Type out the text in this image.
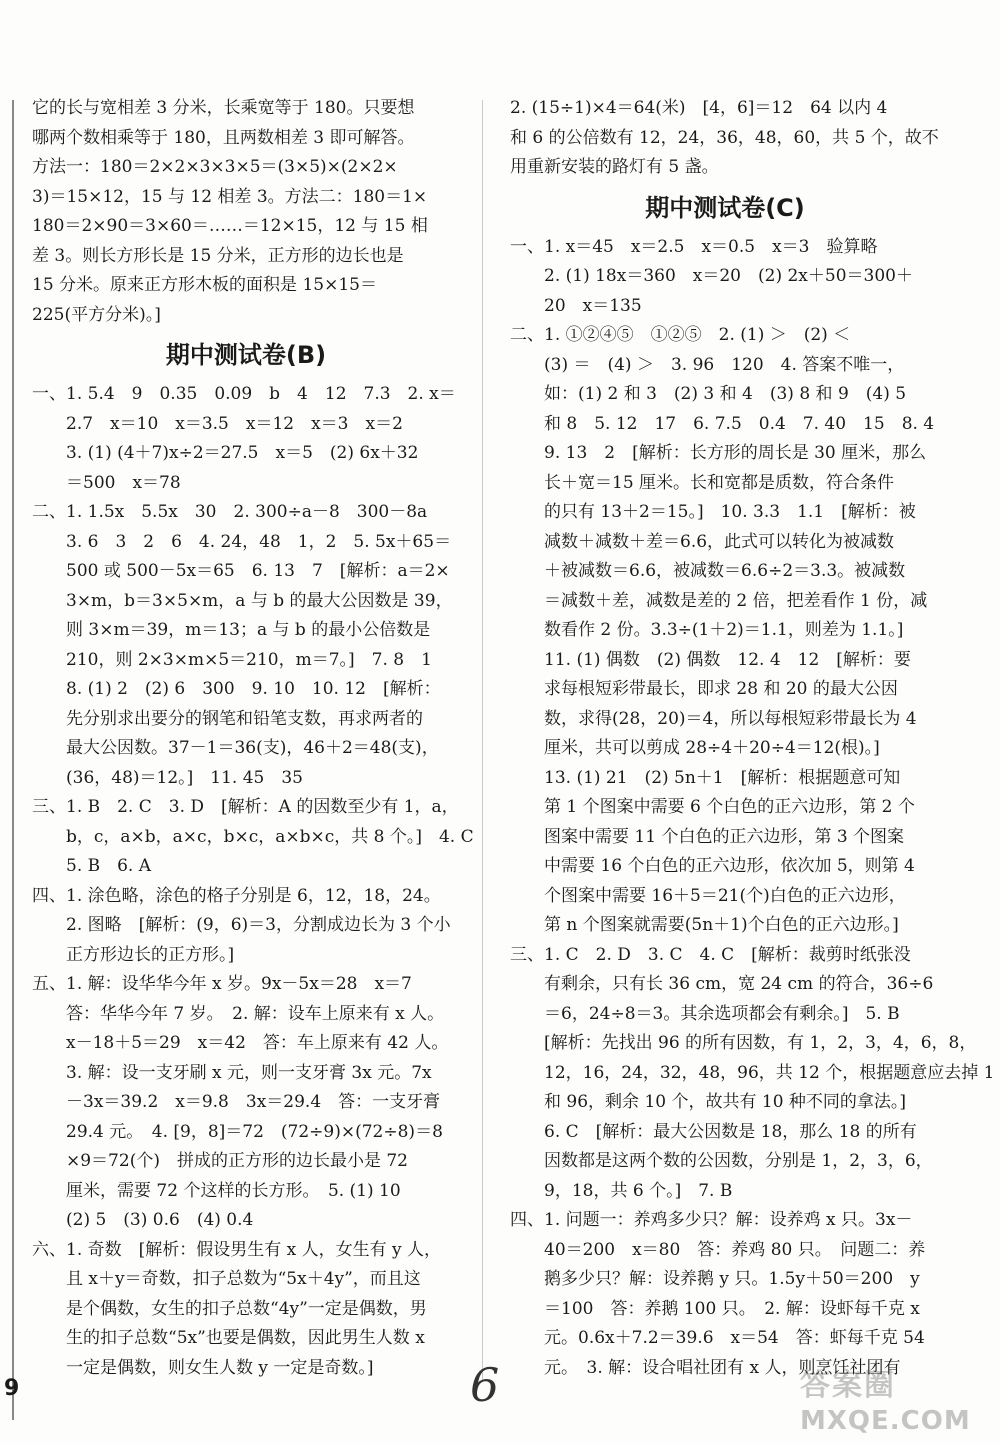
它的长与宽相差 3 分米，长乘宽等于 180。只要想
哪两个数相乘等于 180，且两数相差 3 即可解答。
方法一：180＝2×2×3×3×5＝(3×5)×(2×2×
3)＝15×12，15 与 12 相差 3。方法二：180＝1×
180＝2×90＝3×60＝……＝12×15，12 与 15 相
差 3。则长方形长是 15 分米，正方形的边长也是
15 分米。原来正方形木板的面积是 15×15＝
225(平方分米)。]
期中测试卷(B)
一、1. 5.4　9　0.35　0.09　b　4　12　7.3　2. x＝
2.7　x＝10　x＝3.5　x＝12　x＝3　x＝2
3. (1) (4＋7)x÷2＝27.5　x＝5　(2) 6x＋32
＝500　x＝78
二、1. 1.5x　5.5x　30　2. 300÷a－8　300－8a
3. 6　3　2　6　4. 24，48　1，2　5. 5x＋65＝
500 或 500－5x＝65　6. 13　7　[解析：a＝2×
3×m，b＝3×5×m，a 与 b 的最大公因数是 39，
则 3×m＝39，m＝13；a 与 b 的最小公倍数是
210，则 2×3×m×5＝210，m＝7。]　7. 8　1
8. (1) 2　(2) 6　300　9. 10　10. 12　[解析：
先分别求出要分的钢笔和铅笔支数，再求两者的
最大公因数。37－1＝36(支)，46＋2＝48(支)，
(36，48)＝12。]　11. 45　35
三、1. B　2. C　3. D　[解析：A 的因数至少有 1，a，
b，c，a×b，a×c，b×c，a×b×c，共 8 个。]　4. C
5. B　6. A
四、1. 涂色略，涂色的格子分别是 6，12，18，24。
2. 图略　[解析：(9，6)＝3，分割成边长为 3 个小
正方形边长的正方形。]
五、1. 解：设华华今年 x 岁。9x－5x＝28　x＝7
答：华华今年 7 岁。　2. 解：设车上原来有 x 人。
x－18＋5＝29　x＝42　答：车上原来有 42 人。
3. 解：设一支牙刷 x 元，则一支牙膏 3x 元。7x
－3x＝39.2　x＝9.8　3x＝29.4　答：一支牙膏
29.4 元。　4. [9，8]＝72　(72÷9)×(72÷8)＝8
×9＝72(个)　拼成的正方形的边长最小是 72
厘米，需要 72 个这样的长方形。　5. (1) 10
(2) 5　(3) 0.6　(4) 0.4
六、1. 奇数　[解析：假设男生有 x 人，女生有 y 人，
且 x＋y＝奇数，扣子总数为“5x＋4y”，而且这
是个偶数，女生的扣子总数“4y”一定是偶数，男
生的扣子总数“5x”也要是偶数，因此男生人数 x
一定是偶数，则女生人数 y 一定是奇数。]
2. (15÷1)×4＝64(米)　[4，6]＝12　64 以内 4
和 6 的公倍数有 12，24，36，48，60，共 5 个，故不
用重新安装的路灯有 5 盏。
期中测试卷(C)
一、1. x＝45　x＝2.5　x＝0.5　x＝3　验算略
2. (1) 18x＝360　x＝20　(2) 2x＋50＝300＋
20　x＝135
二、1. ①②④⑤　①②⑤　2. (1) ＞　(2) ＜
(3) ＝　(4) ＞　3. 96　120　4. 答案不唯一，
如：(1) 2 和 3　(2) 3 和 4　(3) 8 和 9　(4) 5
和 8　5. 12　17　6. 7.5　0.4　7. 40　15　8. 4
9. 13　2　[解析：长方形的周长是 30 厘米，那么
长＋宽＝15 厘米。长和宽都是质数，符合条件
的只有 13＋2＝15。]　10. 3.3　1.1　[解析：被
减数＋减数＋差＝6.6，此式可以转化为被减数
＋被减数＝6.6，被减数＝6.6÷2＝3.3。被减数
＝减数＋差，减数是差的 2 倍，把差看作 1 份，减
数看作 2 份。3.3÷(1＋2)＝1.1，则差为 1.1。]
11. (1) 偶数　(2) 偶数　12. 4　12　[解析：要
求每根短彩带最长，即求 28 和 20 的最大公因
数，求得(28，20)＝4，所以每根短彩带最长为 4
厘米，共可以剪成 28÷4＋20÷4＝12(根)。]
13. (1) 21　(2) 5n＋1　[解析：根据题意可知
第 1 个图案中需要 6 个白色的正六边形，第 2 个
图案中需要 11 个白色的正六边形，第 3 个图案
中需要 16 个白色的正六边形，依次加 5，则第 4
个图案中需要 16＋5＝21(个)白色的正六边形，
第 n 个图案就需要(5n＋1)个白色的正六边形。]
三、1. C　2. D　3. C　4. C　[解析：裁剪时纸张没
有剩余，只有长 36 cm，宽 24 cm 的符合，36÷6
＝6，24÷8＝3。其余选项都会有剩余。]　5. B
[解析：先找出 96 的所有因数，有 1，2，3，4，6，8，
12，16，24，32，48，96，共 12 个，根据题意应去掉 1
和 96，剩余 10 个，故共有 10 种不同的拿法。]
6. C　[解析：最大公因数是 18，那么 18 的所有
因数都是这两个数的公因数，分别是 1，2，3，6，
9，18，共 6 个。]　7. B
四、1. 问题一：养鸡多少只？解：设养鸡 x 只。3x－
40＝200　x＝80　答：养鸡 80 只。　问题二：养
鹅多少只？解：设养鹅 y 只。1.5y＋50＝200　y
＝100　答：养鹅 100 只。　2. 解：设虾每千克 x
元。0.6x＋7.2＝39.6　x＝54　答：虾每千克 54
元。　3. 解：设合唱社团有 x 人，则烹饪社团有
9	6	答案圈
MXQE.COM
